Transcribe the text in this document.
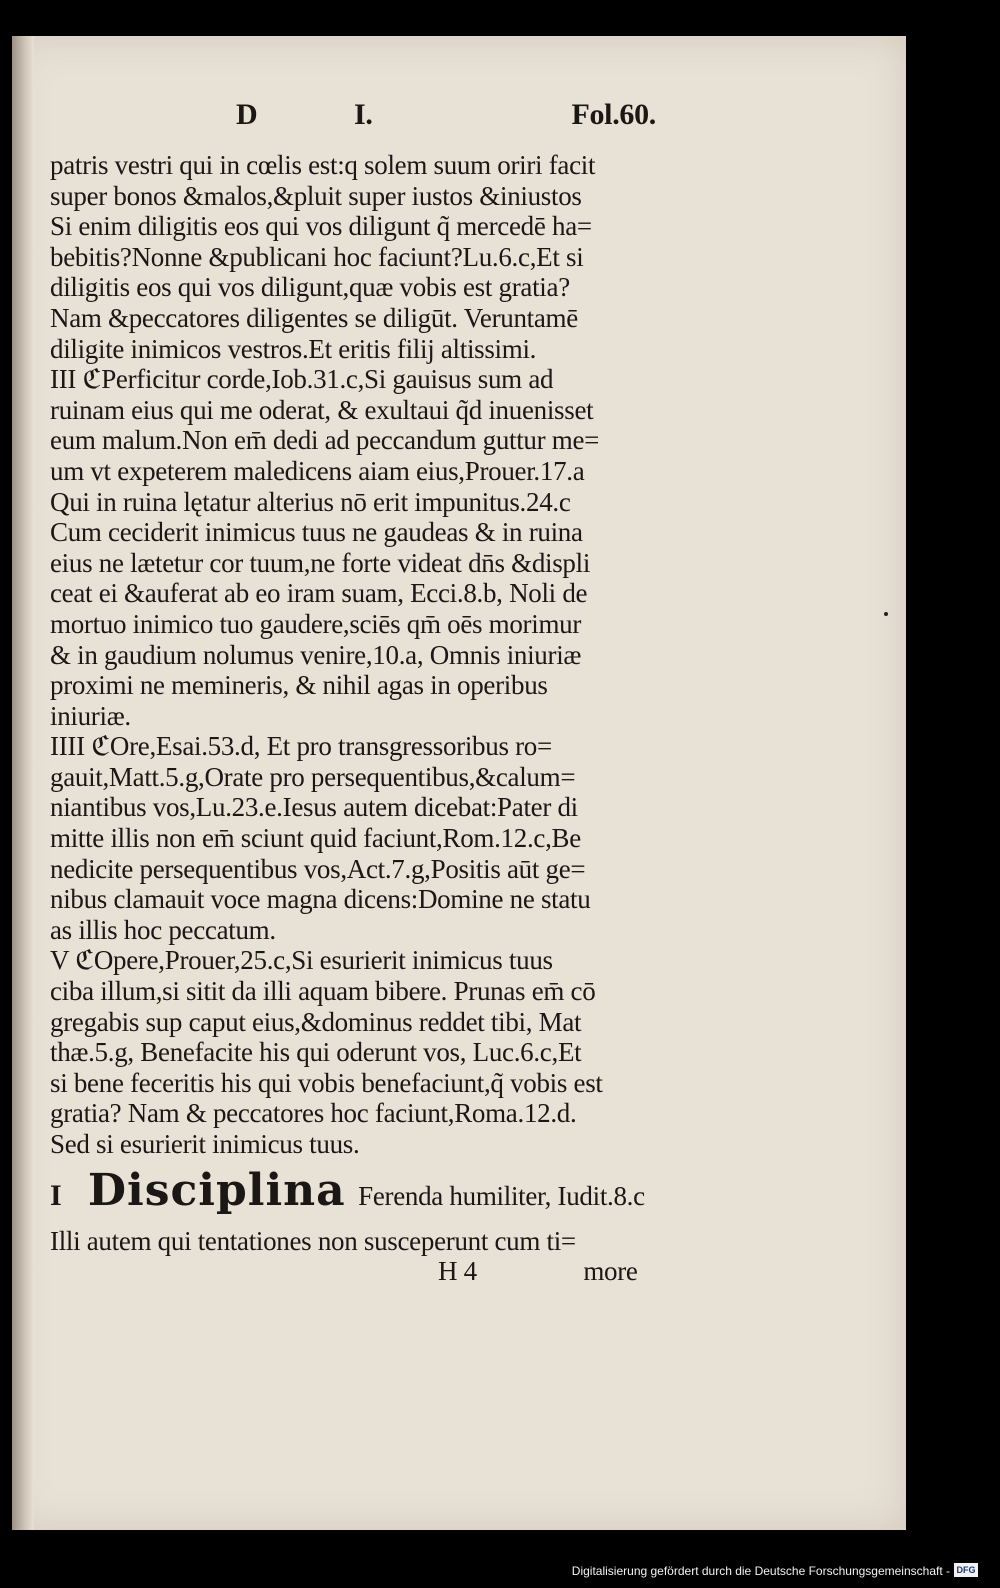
D	I.	Fol.60.
patris vestri qui in cœlis est:q solem suum oriri facit
super bonos &malos,&pluit super iustos &iniustos
Si enim diligitis eos qui vos diligunt q̃ mercedē ha=
bebitis?Nonne &publicani hoc faciunt?Lu.6.c,Et si
diligitis eos qui vos diligunt,quæ vobis est gratia?
Nam &peccatores diligentes se diligūt. Veruntamē
diligite inimicos vestros.Et eritis filij altissimi.
III ℭPerficitur corde,Iob.31.c,Si gauisus sum ad
ruinam eius qui me oderat, & exultaui q̃d inuenisset
eum malum.Non em̄ dedi ad peccandum guttur me=
um vt expeterem maledicens aiam eius,Prouer.17.a
Qui in ruina lętatur alterius nō erit impunitus.24.c
Cum ceciderit inimicus tuus ne gaudeas & in ruina
eius ne lætetur cor tuum,ne forte videat dn̄s &displi
ceat ei &auferat ab eo iram suam, Ecci.8.b, Noli de
mortuo inimico tuo gaudere,sciēs qm̄ oēs morimur
& in gaudium nolumus venire,10.a, Omnis iniuriæ
proximi ne memineris, & nihil agas in operibus
iniuriæ.
IIII ℭOre,Esai.53.d, Et pro transgressoribus ro=
gauit,Matt.5.g,Orate pro persequentibus,&calum=
niantibus vos,Lu.23.e.Iesus autem dicebat:Pater di
mitte illis non em̄ sciunt quid faciunt,Rom.12.c,Be
nedicite persequentibus vos,Act.7.g,Positis aūt ge=
nibus clamauit voce magna dicens:Domine ne statu
as illis hoc peccatum.
V ℭOpere,Prouer,25.c,Si esurierit inimicus tuus
ciba illum,si sitit da illi aquam bibere. Prunas em̄ cō
gregabis sup caput eius,&dominus reddet tibi, Mat
thæ.5.g, Benefacite his qui oderunt vos, Luc.6.c,Et
si bene feceritis his qui vobis benefaciunt,q̃ vobis est
gratia? Nam & peccatores hoc faciunt,Roma.12.d.
Sed si esurierit inimicus tuus.
I Disciplina Ferenda humiliter, Iudit.8.c
Illi autem qui tentationes non susceperunt cum ti=
H 4	more
Digitalisierung gefördert durch die Deutsche Forschungsgemeinschaft - DFG
